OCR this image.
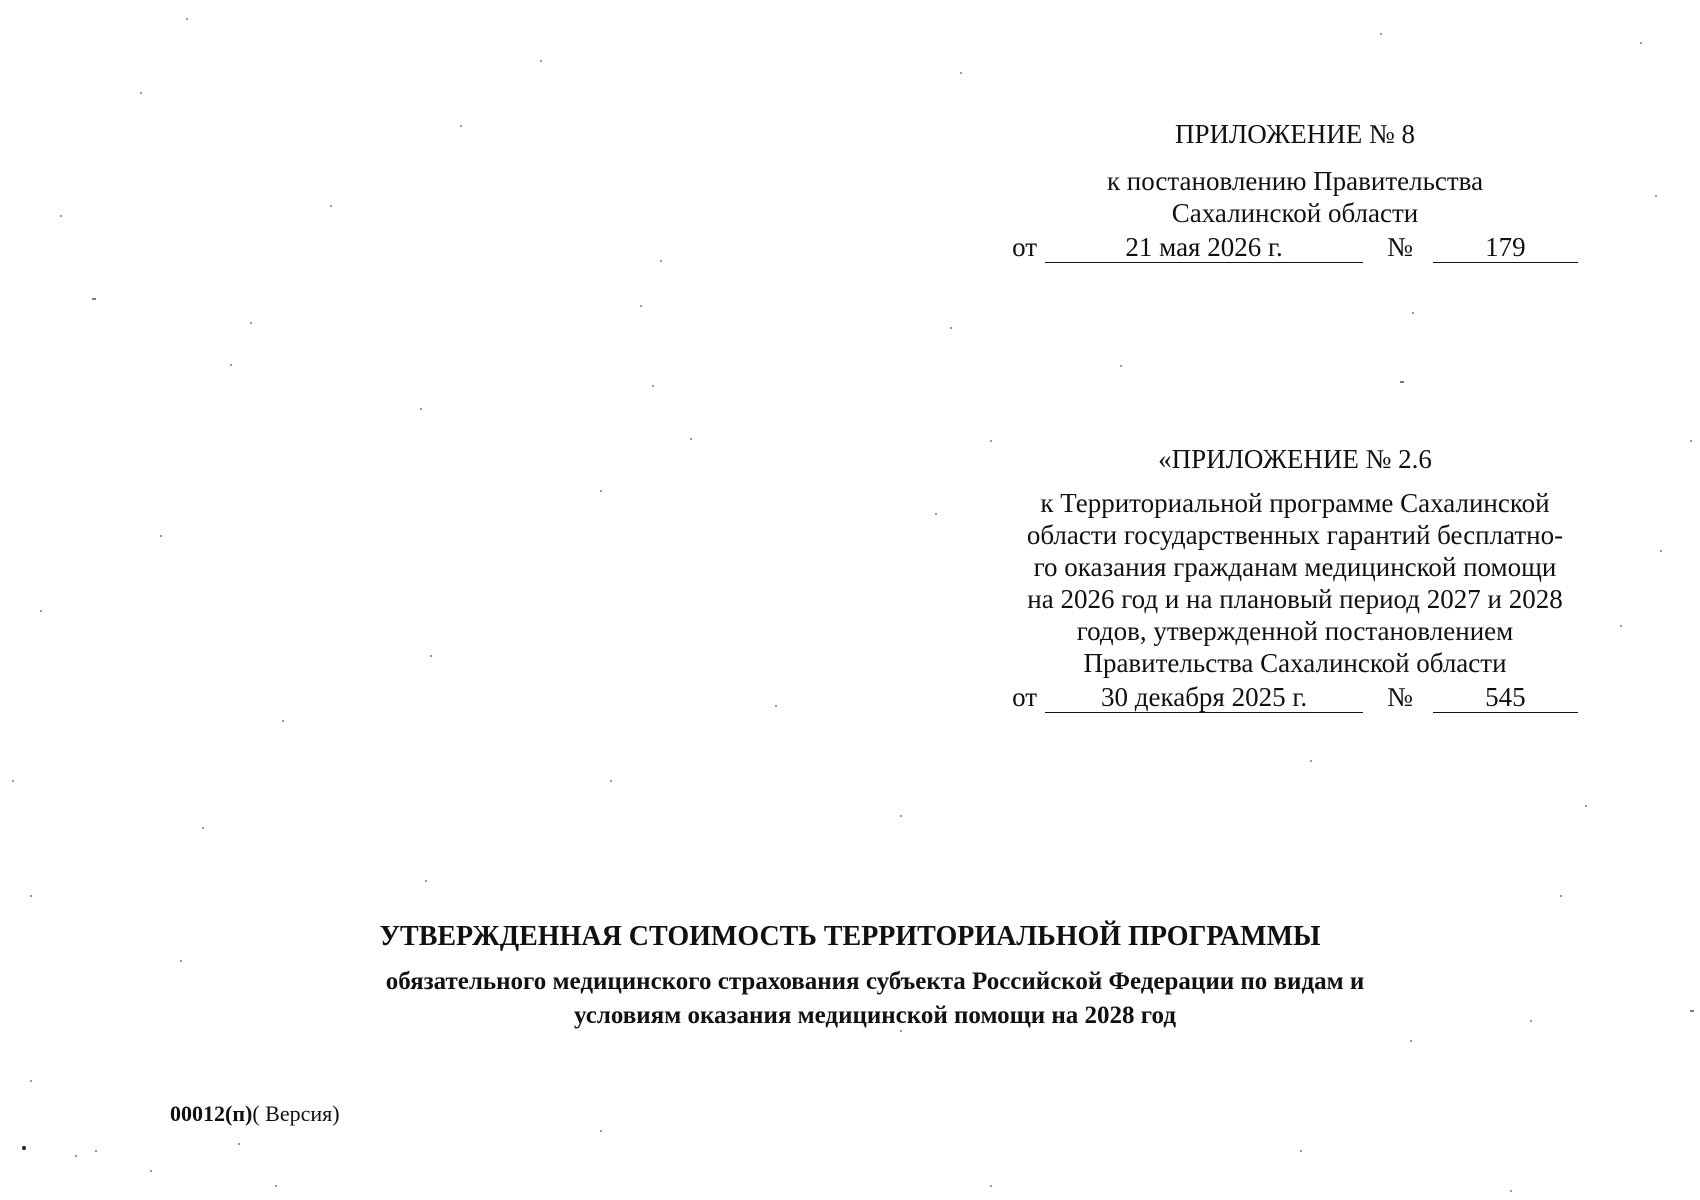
ПРИЛОЖЕНИЕ № 8
к постановлению Правительства
Сахалинской области
от	21 мая 2026 г.	№	179
«ПРИЛОЖЕНИЕ № 2.6
к Территориальной программе Сахалинской
области государственных гарантий бесплатно-
го оказания гражданам медицинской помощи
на 2026 год и на плановый период 2027 и 2028
годов, утвержденной постановлением
Правительства Сахалинской области
от	30 декабря 2025 г.	№	545
УТВЕРЖДЕННАЯ СТОИМОСТЬ ТЕРРИТОРИАЛЬНОЙ ПРОГРАММЫ
обязательного медицинского страхования субъекта Российской Федерации по видам и
условиям оказания медицинской помощи на 2028 год
00012(п)( Версия)
